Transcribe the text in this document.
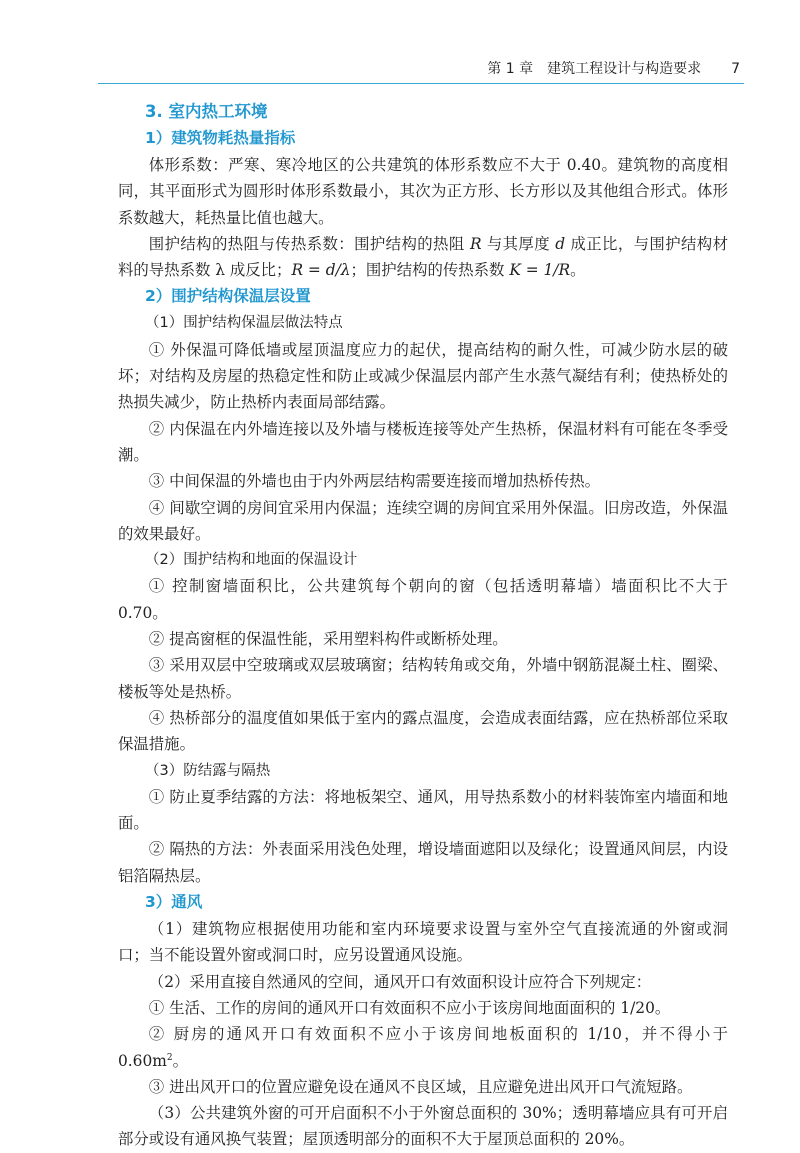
第 1 章 建筑工程设计与构造要求 7
3. 室内热工环境
1）建筑物耗热量指标

体形系数：严寒、寒冷地区的公共建筑的体形系数应不大于 0.40。建筑物的高度相同，其平面形式为圆形时体形系数最小，其次为正方形、长方形以及其他组合形式。体形系数越大，耗热量比值也越大。

围护结构的热阻与传热系数：围护结构的热阻 R 与其厚度 d 成正比，与围护结构材料的导热系数 λ 成反比；R = d/λ；围护结构的传热系数 K = 1/R。

2）围护结构保温层设置

（1）围护结构保温层做法特点

① 外保温可降低墙或屋顶温度应力的起伏，提高结构的耐久性，可减少防水层的破坏；对结构及房屋的热稳定性和防止或减少保温层内部产生水蒸气凝结有利；使热桥处的热损失减少，防止热桥内表面局部结露。

② 内保温在内外墙连接以及外墙与楼板连接等处产生热桥，保温材料有可能在冬季受潮。

③ 中间保温的外墙也由于内外两层结构需要连接而增加热桥传热。

④ 间歇空调的房间宜采用内保温；连续空调的房间宜采用外保温。旧房改造，外保温的效果最好。

（2）围护结构和地面的保温设计

① 控制窗墙面积比，公共建筑每个朝向的窗（包括透明幕墙）墙面积比不大于 0.70。

② 提高窗框的保温性能，采用塑料构件或断桥处理。

③ 采用双层中空玻璃或双层玻璃窗；结构转角或交角，外墙中钢筋混凝土柱、圈梁、楼板等处是热桥。

④ 热桥部分的温度值如果低于室内的露点温度，会造成表面结露，应在热桥部位采取保温措施。

（3）防结露与隔热

① 防止夏季结露的方法：将地板架空、通风，用导热系数小的材料装饰室内墙面和地面。

② 隔热的方法：外表面采用浅色处理，增设墙面遮阳以及绿化；设置通风间层，内设铝箔隔热层。

3）通风

（1）建筑物应根据使用功能和室内环境要求设置与室外空气直接流通的外窗或洞口；当不能设置外窗或洞口时，应另设置通风设施。

（2）采用直接自然通风的空间，通风开口有效面积设计应符合下列规定：

① 生活、工作的房间的通风开口有效面积不应小于该房间地面面积的 1/20。

② 厨房的通风开口有效面积不应小于该房间地板面积的 1/10，并不得小于 $0.60m^2$。

③ 进出风开口的位置应避免设在通风不良区域，且应避免进出风开口气流短路。

（3）公共建筑外窗的可开启面积不小于外窗总面积的 30%；透明幕墙应具有可开启部分或设有通风换气装置；屋顶透明部分的面积不大于屋顶总面积的 20%。
